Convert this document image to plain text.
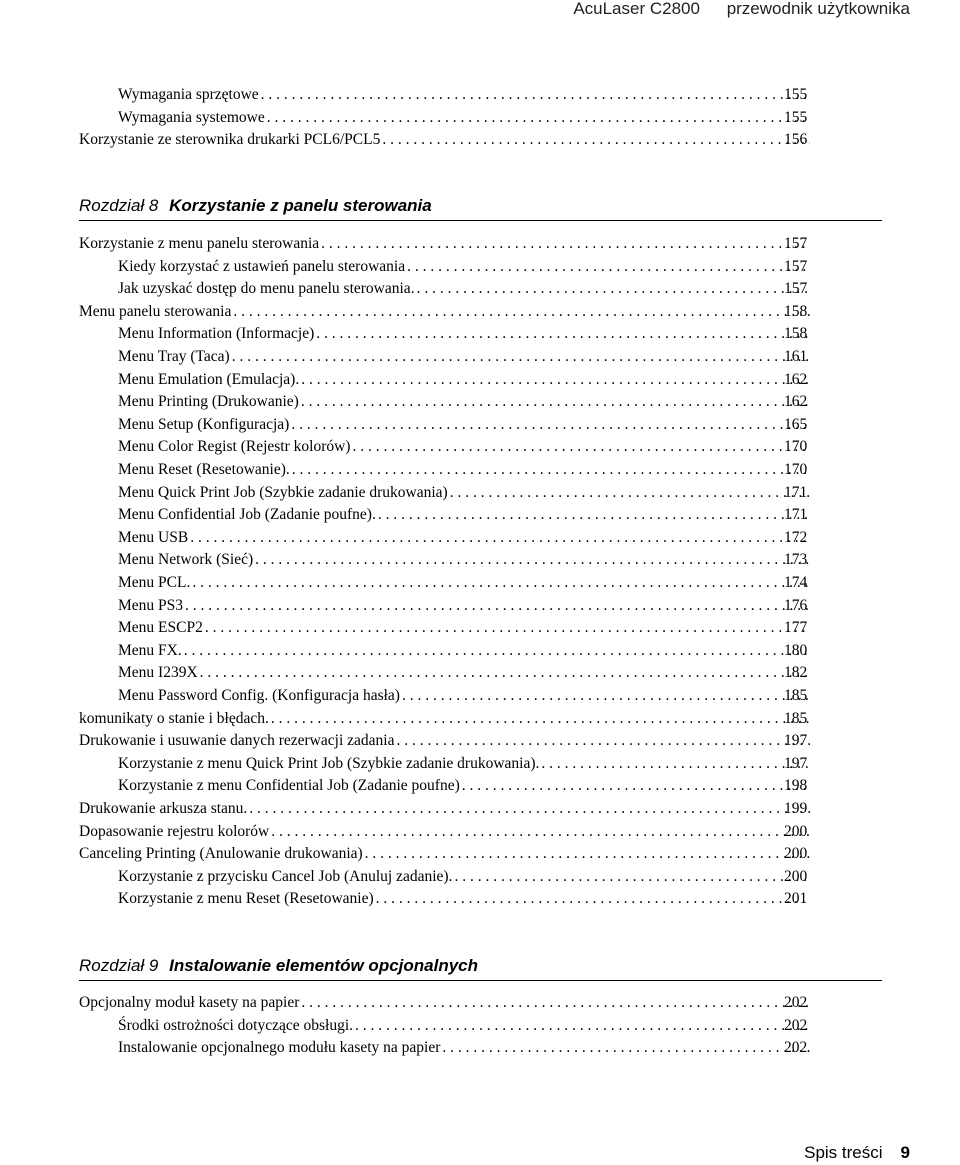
AcuLaser C2800 przewodnik użytkownika
Wymagania sprzętowe . . .	155
Wymagania systemowe . . .	155
Korzystanie ze sterownika drukarki PCL6/PCL5 . . .	156
Rozdział 8 Korzystanie z panelu sterowania
Korzystanie z menu panelu sterowania . . .	157
Kiedy korzystać z ustawień panelu sterowania . . .	157
Jak uzyskać dostęp do menu panelu sterowania. . . .	157
Menu panelu sterowania . . .	158
Menu Information (Informacje) . . .	158
Menu Tray (Taca) . . .	161
Menu Emulation (Emulacja). . . .	162
Menu Printing (Drukowanie) . . .	162
Menu Setup (Konfiguracja) . . .	165
Menu Color Regist (Rejestr kolorów) . . .	170
Menu Reset (Resetowanie). . . .	170
Menu Quick Print Job (Szybkie zadanie drukowania) . . .	171
Menu Confidential Job (Zadanie poufne). . . .	171
Menu USB . . .	172
Menu Network (Sieć) . . .	173
Menu PCL. . . .	174
Menu PS3 . . .	176
Menu ESCP2 . . .	177
Menu FX. . . .	180
Menu I239X . . .	182
Menu Password Config. (Konfiguracja hasła) . . .	185
komunikaty o stanie i błędach. . . .	185
Drukowanie i usuwanie danych rezerwacji zadania . . .	197
Korzystanie z menu Quick Print Job (Szybkie zadanie drukowania). . . .	197
Korzystanie z menu Confidential Job (Zadanie poufne) . . .	198
Drukowanie arkusza stanu. . . .	199
Dopasowanie rejestru kolorów . . .	200
Canceling Printing (Anulowanie drukowania) . . .	200
Korzystanie z przycisku Cancel Job (Anuluj zadanie). . . .	200
Korzystanie z menu Reset (Resetowanie) . . .	201
Rozdział 9 Instalowanie elementów opcjonalnych
Opcjonalny moduł kasety na papier . . .	202
Środki ostrożności dotyczące obsługi. . . .	202
Instalowanie opcjonalnego modułu kasety na papier . . .	202
Spis treści 9
